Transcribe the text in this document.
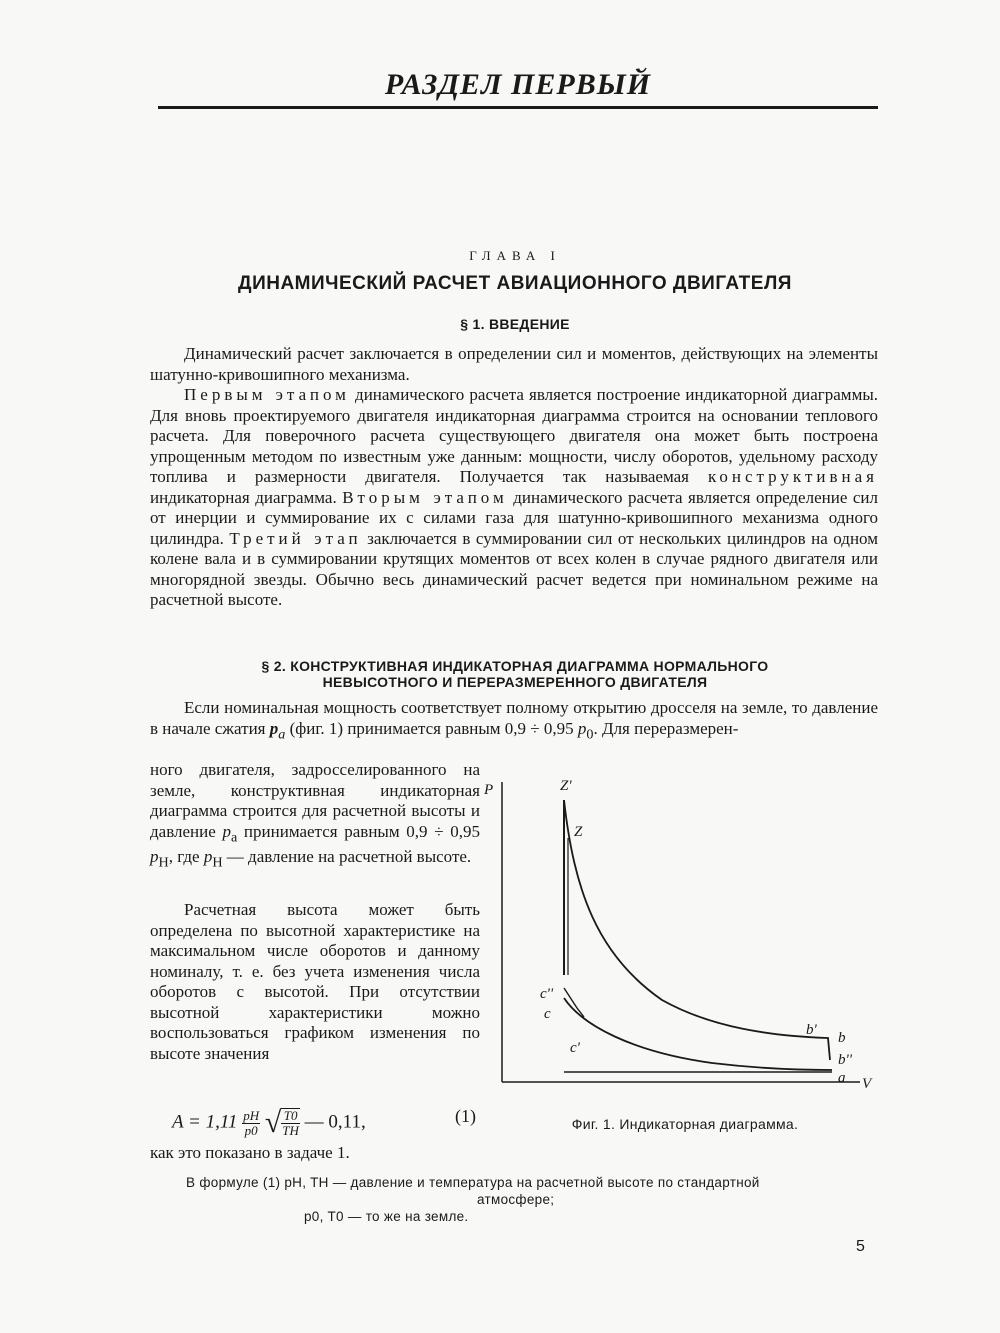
РАЗДЕЛ ПЕРВЫЙ
ГЛАВА I
ДИНАМИЧЕСКИЙ РАСЧЕТ АВИАЦИОННОГО ДВИГАТЕЛЯ
§ 1. ВВЕДЕНИЕ

Динамический расчет заключается в определении сил и моментов, действующих на элементы шатунно-кривошипного механизма.

Первым этапом динамического расчета является построение индикаторной диаграммы. Для вновь проектируемого двигателя индикаторная диаграмма строится на основании теплового расчета. Для поверочного расчета существующего двигателя она может быть построена упрощенным методом по известным уже данным: мощности, числу оборотов, удельному расходу топлива и размерности двигателя. Получается так называемая конструктивная индикаторная диаграмма. Вторым этапом динамического расчета является определение сил от инерции и суммирование их с силами газа для шатунно-кривошипного механизма одного цилиндра. Третий этап заключается в суммировании сил от нескольких цилиндров на одном колене вала и в суммировании крутящих моментов от всех колен в случае рядного двигателя или многорядной звезды. Обычно весь динамический расчет ведется при номинальном режиме на расчетной высоте.

§ 2. КОНСТРУКТИВНАЯ ИНДИКАТОРНАЯ ДИАГРАММА НОРМАЛЬНОГО
НЕВЫСОТНОГО И ПЕРЕРАЗМЕРЕННОГО ДВИГАТЕЛЯ

Если номинальная мощность соответствует полному открытию дросселя на земле, то давление в начале сжатия $p_a$ (фиг. 1) принимается равным 0,9 ÷ 0,95 $p_0$. Для переразмерен-

ного двигателя, задросселированного на земле, конструктивная индикаторная диаграмма строится для расчетной высоты и давление $p_a$ принимается равным 0,9 ÷ 0,95 $p_H$, где $p_H$ — давление на расчетной высоте.

Расчетная высота может быть определена по высотной характеристике на максимальном числе оборотов и данному номиналу, т. е. без учета изменения числа оборотов с высотой. При отсутствии высотной характеристики можно воспользоваться графиком изменения по высоте значения

$A = 1,11 \frac{pH}{p0}$ √ $\frac{T0}{TH}$ — 0,11,	(1)
как это показано в задаче 1.
P
V
Z'
Z
c''
c
c'
b' b
b''
a
Фиг. 1. Индикаторная диаграмма.
В формуле (1) pH, TH — давление и температура на расчетной высоте по стандартной
атмосфере;
p0, T0 — то же на земле.
5
